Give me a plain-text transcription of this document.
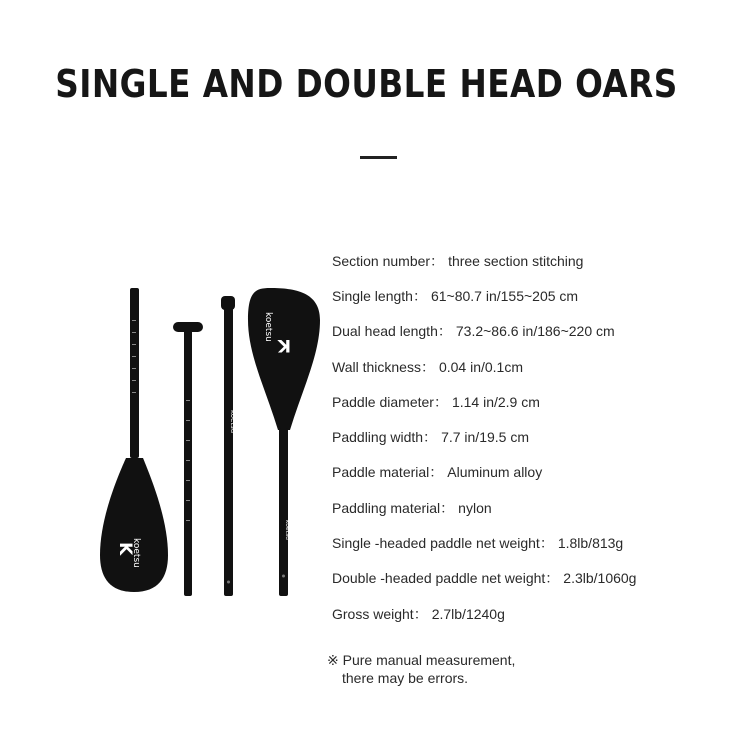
SINGLE AND DOUBLE HEAD OARS
K
koetsu
koetsu
K
koetsu
koetsu
Section number： three section stitching
Single length： 61~80.7 in/155~205 cm
Dual head length： 73.2~86.6 in/186~220 cm
Wall thickness： 0.04 in/0.1cm
Paddle diameter： 1.14 in/2.9 cm
Paddling width： 7.7 in/19.5 cm
Paddle material： Aluminum alloy
Paddling material： nylon
Single -headed paddle net weight： 1.8lb/813g
Double -headed paddle net weight： 2.3lb/1060g
Gross weight： 2.7lb/1240g
※ Pure manual measurement,
there may be errors.
